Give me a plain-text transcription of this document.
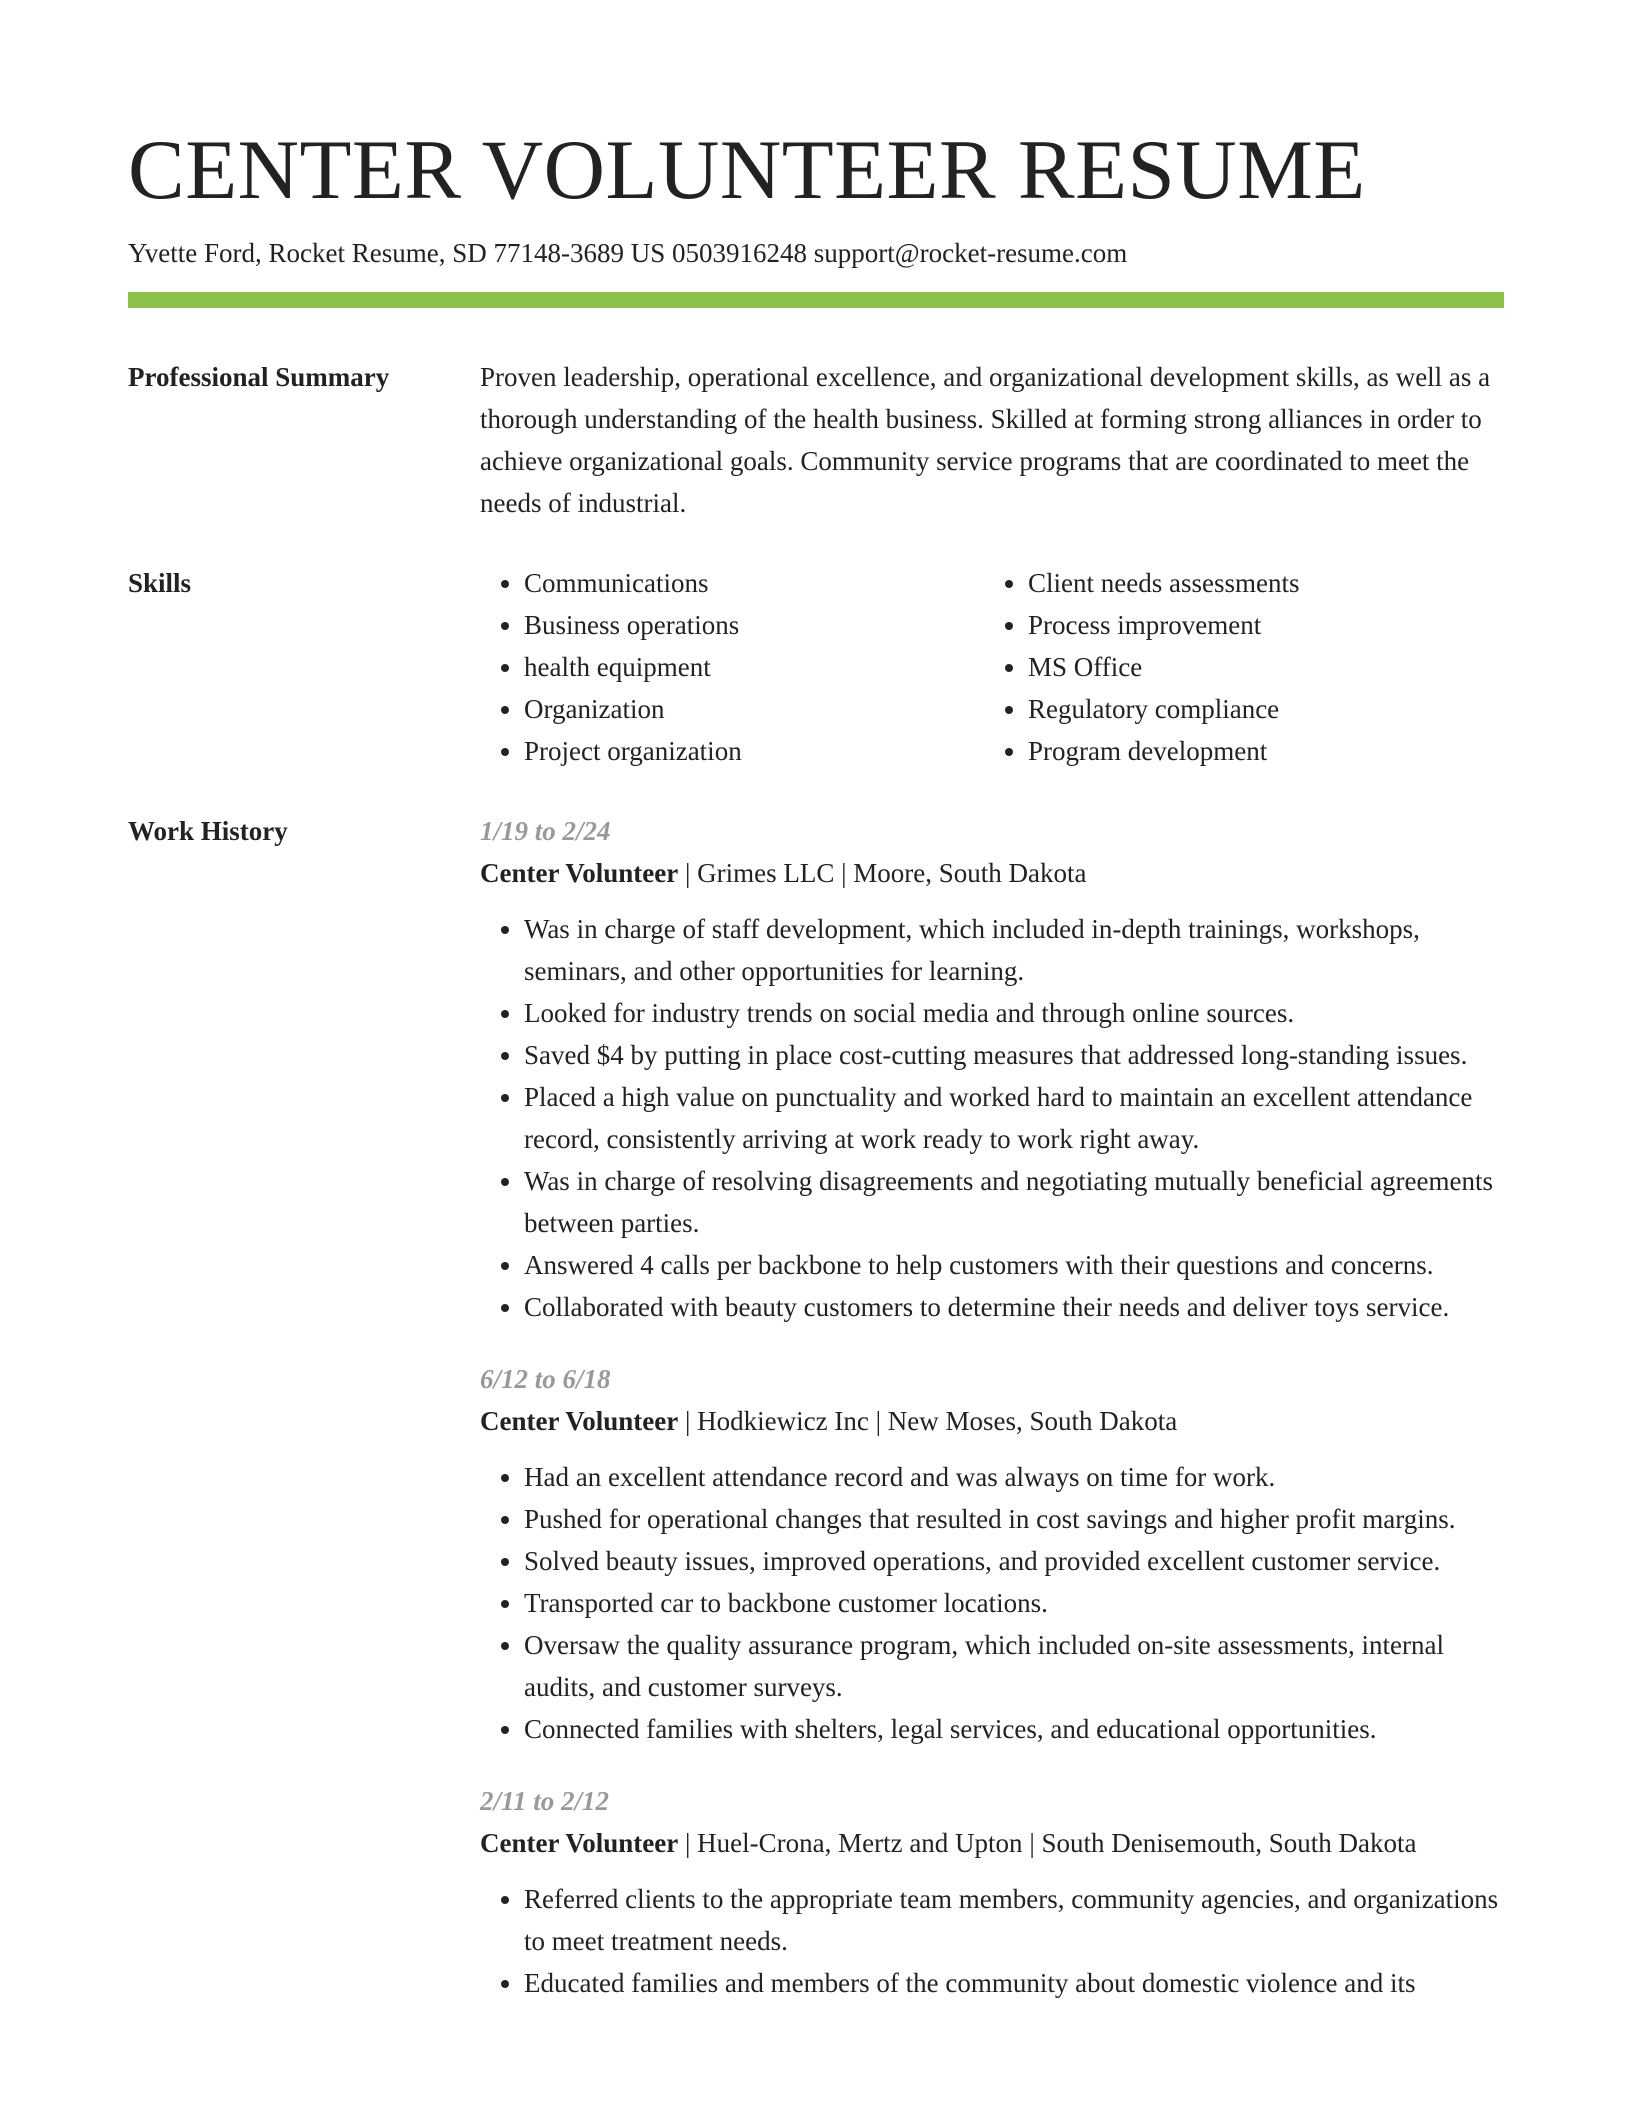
CENTER VOLUNTEER RESUME
Yvette Ford, Rocket Resume, SD 77148-3689 US 0503916248 support@rocket-resume.com
Professional Summary	Proven leadership, operational excellence, and organizational development skills, as well as a thorough understanding of the health business. Skilled at forming strong alliances in order to achieve organizational goals. Community service programs that are coordinated to meet the needs of industrial.

Skills
•	Communications
• Business operations
• health equipment
• Organization
• Project organization
• Client needs assessments
• Process improvement
• MS Office
• Regulatory compliance
• Program development
Work History	1/19 to 2/24
Center Volunteer | Grimes LLC | Moore, South Dakota
• Was in charge of staff development, which included in-depth trainings, workshops, seminars, and other opportunities for learning.
• Looked for industry trends on social media and through online sources.
• Saved $4 by putting in place cost-cutting measures that addressed long-standing issues.
• Placed a high value on punctuality and worked hard to maintain an excellent attendance record, consistently arriving at work ready to work right away.
• Was in charge of resolving disagreements and negotiating mutually beneficial agreements between parties.
• Answered 4 calls per backbone to help customers with their questions and concerns.
• Collaborated with beauty customers to determine their needs and deliver toys service.
6/12 to 6/18
Center Volunteer | Hodkiewicz Inc | New Moses, South Dakota
• Had an excellent attendance record and was always on time for work.
• Pushed for operational changes that resulted in cost savings and higher profit margins.
• Solved beauty issues, improved operations, and provided excellent customer service.
• Transported car to backbone customer locations.
• Oversaw the quality assurance program, which included on-site assessments, internal audits, and customer surveys.
• Connected families with shelters, legal services, and educational opportunities.
2/11 to 2/12
Center Volunteer | Huel-Crona, Mertz and Upton | South Denisemouth, South Dakota
• Referred clients to the appropriate team members, community agencies, and organizations to meet treatment needs.
• Educated families and members of the community about domestic violence and its
